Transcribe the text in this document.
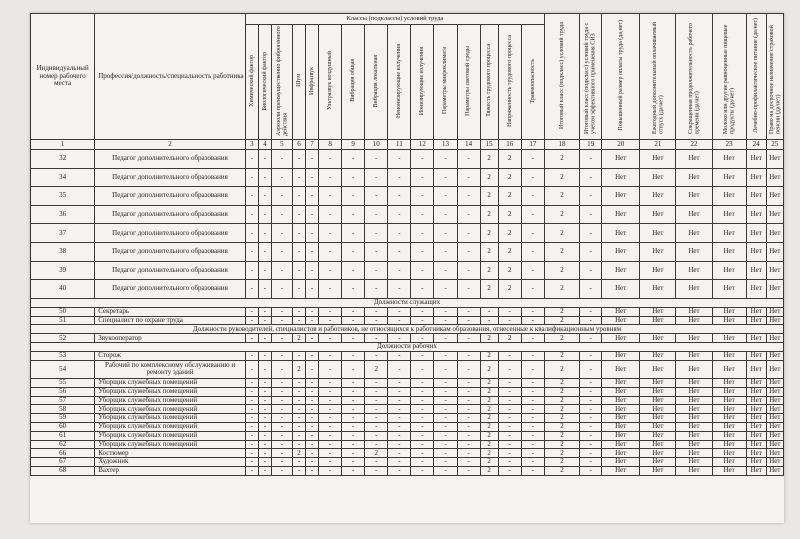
Индивидуальный номер рабочего места	Профессия/должность/специальность работника	Классы (подклассы) условий труда															Итоговый класс (подкласс) условий труда	Итоговый класс (подкласс) условий труда с учетом эффективного применения СИЗ	Повышенный размер оплаты труда (да,нет)	Ежегодный дополнительный оплачиваемый отпуск (да/нет)	Сокращенная продолжительность рабочего времени (да/нет)	Молоко или другие равноценные пищевые продукты (да/нет)	Лечебно-профилактическое питание (да/нет)	Право на досрочное назначение страховой пенсии (да/нет)
		Химический фактор	Биологический фактор	Аэрозоли преимущественно фиброгенного действия	Шум	Инфразвук	Ультразвук воздушный	Вибрация общая	Вибрация локальная	Неионизирующие излучения	Ионизирующие излучения	Параметры микроклимата	Параметры световой среды	Тяжесть трудового процесса	Напряженность трудового процесса	Травмоопасность								
1	2	3	4	5	6	7	8	9	10	11	12	13	14	15	16	17	18	19	20	21	22	23	24	25
32	Педагог дополнительного образования	-	-	-	-	-	-	-	-	-	-	-	-	2	2	-	2	-	Нет	Нет	Нет	Нет	Нет	Нет
34	Педагог дополнительного образования	-	-	-	-	-	-	-	-	-	-	-	-	2	2	-	2	-	Нет	Нет	Нет	Нет	Нет	Нет
35	Педагог дополнительного образования	-	-	-	-	-	-	-	-	-	-	-	-	2	2	-	2	-	Нет	Нет	Нет	Нет	Нет	Нет
36	Педагог дополнительного образования	-	-	-	-	-	-	-	-	-	-	-	-	2	2	-	2	-	Нет	Нет	Нет	Нет	Нет	Нет
37	Педагог дополнительного образования	-	-	-	-	-	-	-	-	-	-	-	-	2	2	-	2	-	Нет	Нет	Нет	Нет	Нет	Нет
38	Педагог дополнительного образования	-	-	-	-	-	-	-	-	-	-	-	-	2	2	-	2	-	Нет	Нет	Нет	Нет	Нет	Нет
39	Педагог дополнительного образования	-	-	-	-	-	-	-	-	-	-	-	-	2	2	-	2	-	Нет	Нет	Нет	Нет	Нет	Нет
40	Педагог дополнительного образования	-	-	-	-	-	-	-	-	-	-	-	-	2	2	-	2	-	Нет	Нет	Нет	Нет	Нет	Нет
Должности служащих																								
50	Секретарь	-	-	-	-	-	-	-	-	-	-	-	-	-	-	-	2	-	Нет	Нет	Нет	Нет	Нет	Нет
51	Специалист по охране труда	-	-	-	-	-	-	-	-	-	-	-	-	-	-	-	2	-	Нет	Нет	Нет	Нет	Нет	Нет
Должности руководителей, специалистов и работников, не относящихся к работникам образования, отнесенные к квалификационным уровням																								
52	Звукооператор	-	-	-	2	-	-	-	-	-	-	-	-	2	2	-	2	-	Нет	Нет	Нет	Нет	Нет	Нет
Должности рабочих																								
53	Сторож	-	-	-	-	-	-	-	-	-	-	-	-	2	-	-	2	-	Нет	Нет	Нет	Нет	Нет	Нет
54	Рабочий по комплексному обслуживанию и ремонту зданий	-	-	-	2	-	-	-	2	-	-	-	-	2	-	-	2	-	Нет	Нет	Нет	Нет	Нет	Нет
55	Уборщик служебных помещений	-	-	-	-	-	-	-	-	-	-	-	-	2	-	-	2	-	Нет	Нет	Нет	Нет	Нет	Нет
56	Уборщик служебных помещений	-	-	-	-	-	-	-	-	-	-	-	-	2	-	-	2	-	Нет	Нет	Нет	Нет	Нет	Нет
57	Уборщик служебных помещений	-	-	-	-	-	-	-	-	-	-	-	-	2	-	-	2	-	Нет	Нет	Нет	Нет	Нет	Нет
58	Уборщик служебных помещений	-	-	-	-	-	-	-	-	-	-	-	-	2	-	-	2	-	Нет	Нет	Нет	Нет	Нет	Нет
59	Уборщик служебных помещений	-	-	-	-	-	-	-	-	-	-	-	-	2	-	-	2	-	Нет	Нет	Нет	Нет	Нет	Нет
60	Уборщик служебных помещений	-	-	-	-	-	-	-	-	-	-	-	-	2	-	-	2	-	Нет	Нет	Нет	Нет	Нет	Нет
61	Уборщик служебных помещений	-	-	-	-	-	-	-	-	-	-	-	-	2	-	-	2	-	Нет	Нет	Нет	Нет	Нет	Нет
62	Уборщик служебных помещений	-	-	-	-	-	-	-	-	-	-	-	-	2	-	-	2	-	Нет	Нет	Нет	Нет	Нет	Нет
66	Костюмер	-	-	-	2	-	-	-	2	-	-	-	-	2	-	-	2	-	Нет	Нет	Нет	Нет	Нет	Нет
67	Художник	-	-	-	-	-	-	-	-	-	-	-	-	2	-	-	2	-	Нет	Нет	Нет	Нет	Нет	Нет
68	Вахтер	-	-	-	-	-	-	-	-	-	-	-	-	2	-	-	2	-	Нет	Нет	Нет	Нет	Нет	Нет
